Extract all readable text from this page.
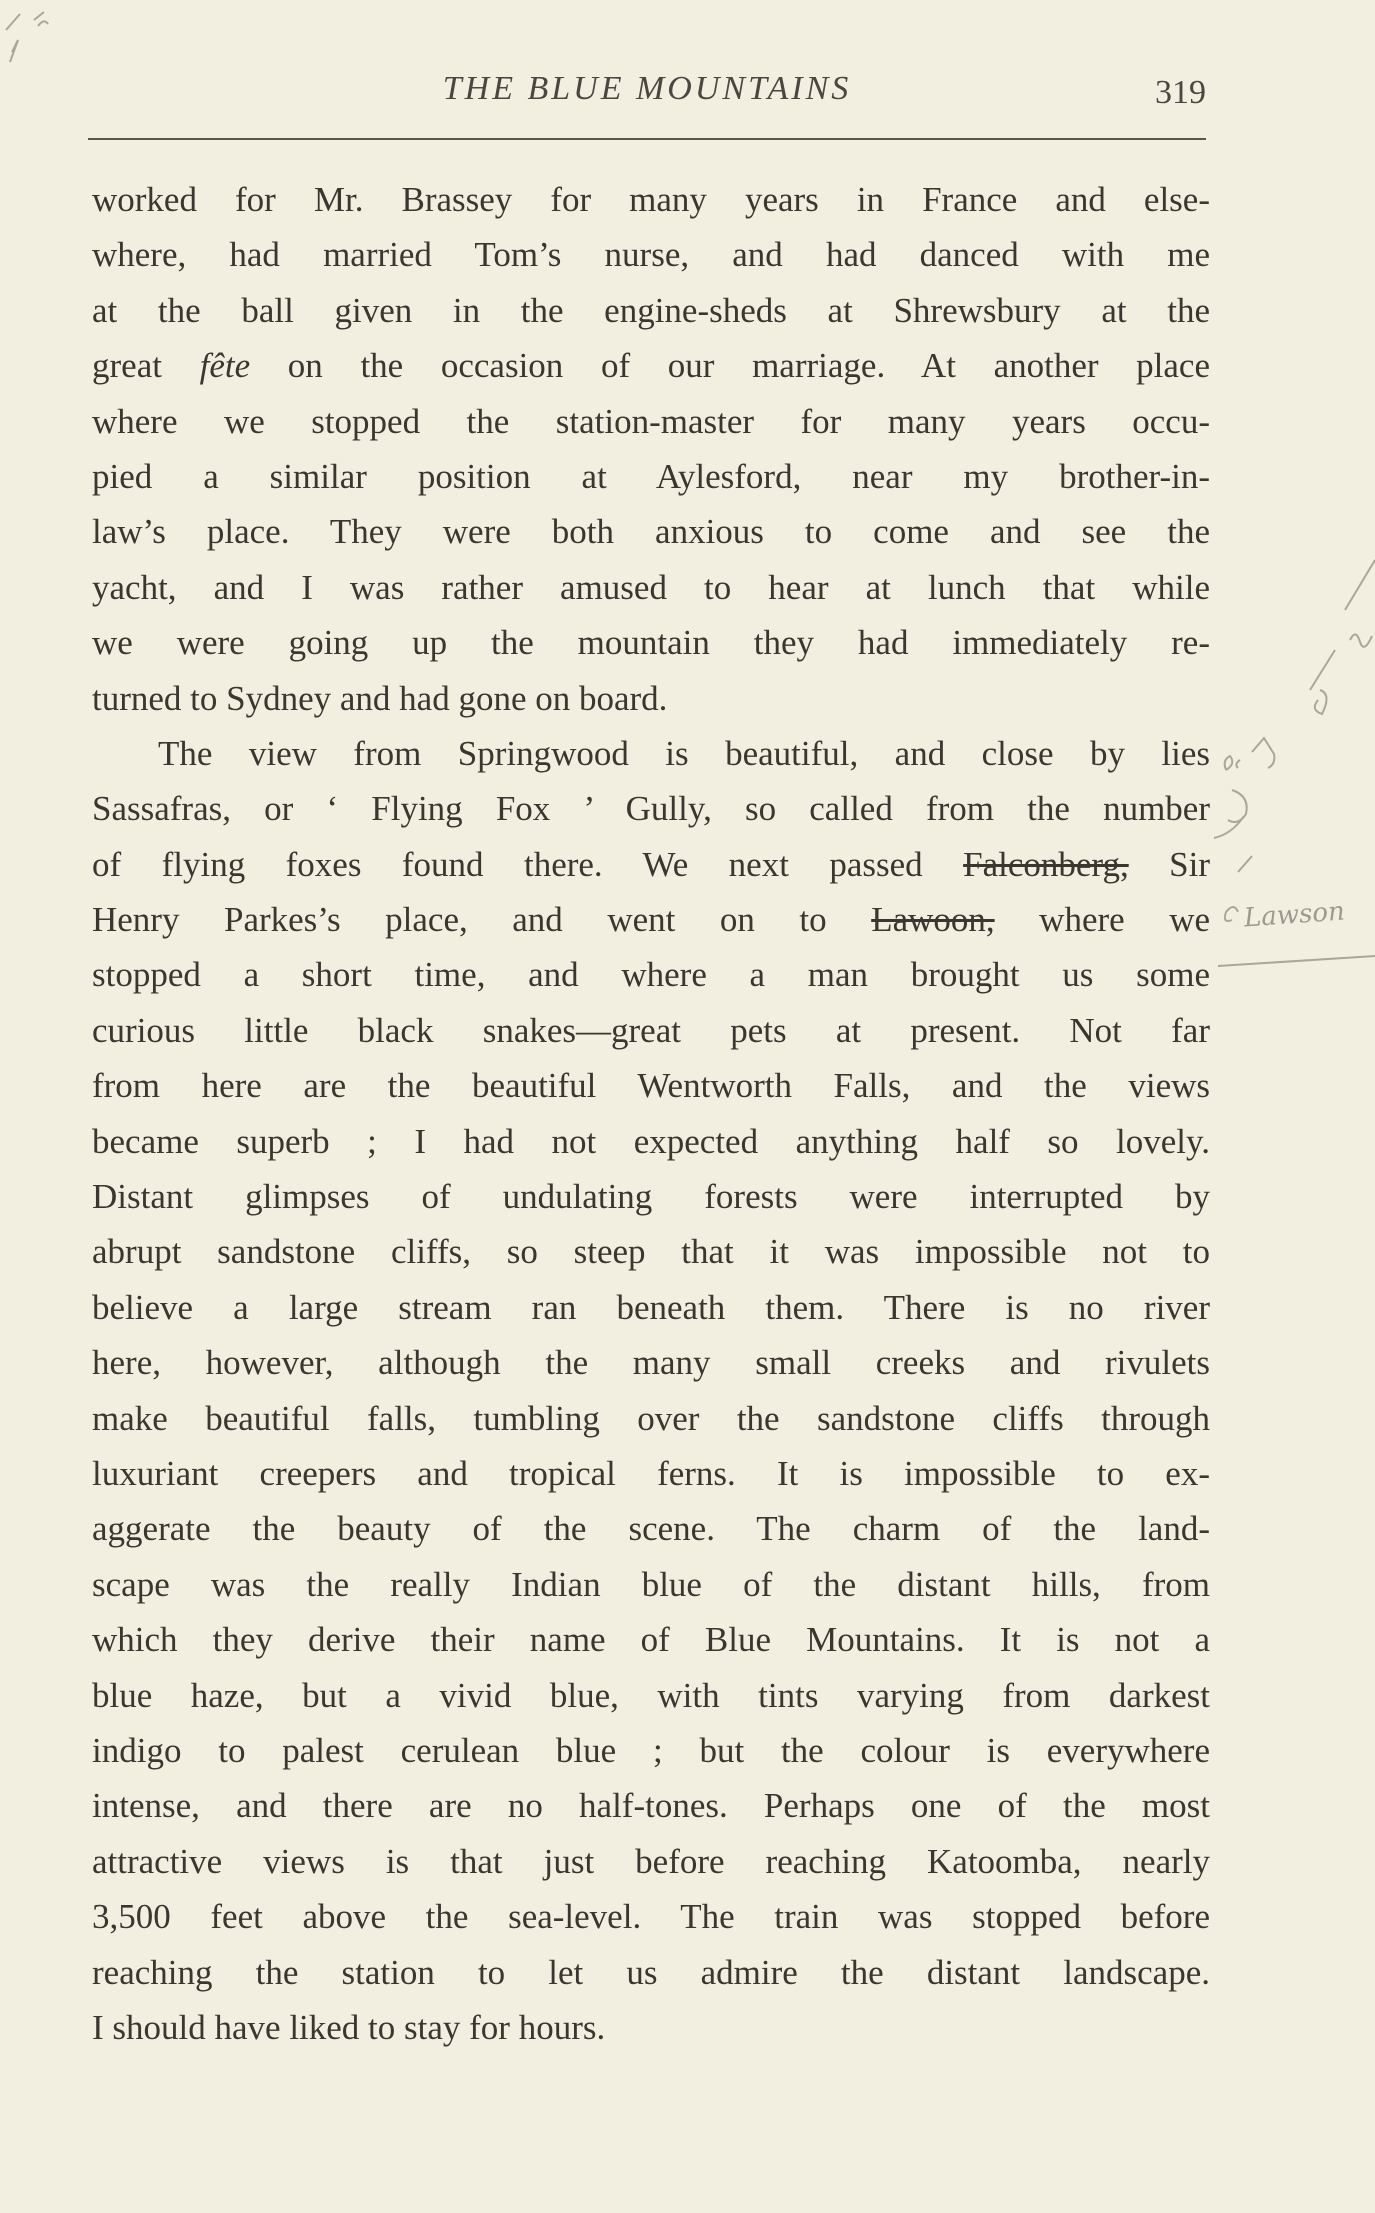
THE BLUE MOUNTAINS	319
worked for Mr. Brassey for many years in France and else-
where, had married Tom’s nurse, and had danced with me
at the ball given in the engine-sheds at Shrewsbury at the
great fête on the occasion of our marriage. At another place
where we stopped the station-master for many years occu-
pied a similar position at Aylesford, near my brother-in-
law’s place. They were both anxious to come and see the
yacht, and I was rather amused to hear at lunch that while
we were going up the mountain they had immediately re-
turned to Sydney and had gone on board.
The view from Springwood is beautiful, and close by lies
Sassafras, or ‘ Flying Fox ’ Gully, so called from the number
of flying foxes found there. We next passed Falconberg, Sir
Henry Parkes’s place, and went on to Lawoon, where we
stopped a short time, and where a man brought us some
curious little black snakes—great pets at present. Not far
from here are the beautiful Wentworth Falls, and the views
became superb ; I had not expected anything half so lovely.
Distant glimpses of undulating forests were interrupted by
abrupt sandstone cliffs, so steep that it was impossible not to
believe a large stream ran beneath them. There is no river
here, however, although the many small creeks and rivulets
make beautiful falls, tumbling over the sandstone cliffs through
luxuriant creepers and tropical ferns. It is impossible to ex-
aggerate the beauty of the scene. The charm of the land-
scape was the really Indian blue of the distant hills, from
which they derive their name of Blue Mountains. It is not a
blue haze, but a vivid blue, with tints varying from darkest
indigo to palest cerulean blue ; but the colour is everywhere
intense, and there are no half-tones. Perhaps one of the most
attractive views is that just before reaching Katoomba, nearly
3,500 feet above the sea-level. The train was stopped before
reaching the station to let us admire the distant landscape.
I should have liked to stay for hours.
Lawson
